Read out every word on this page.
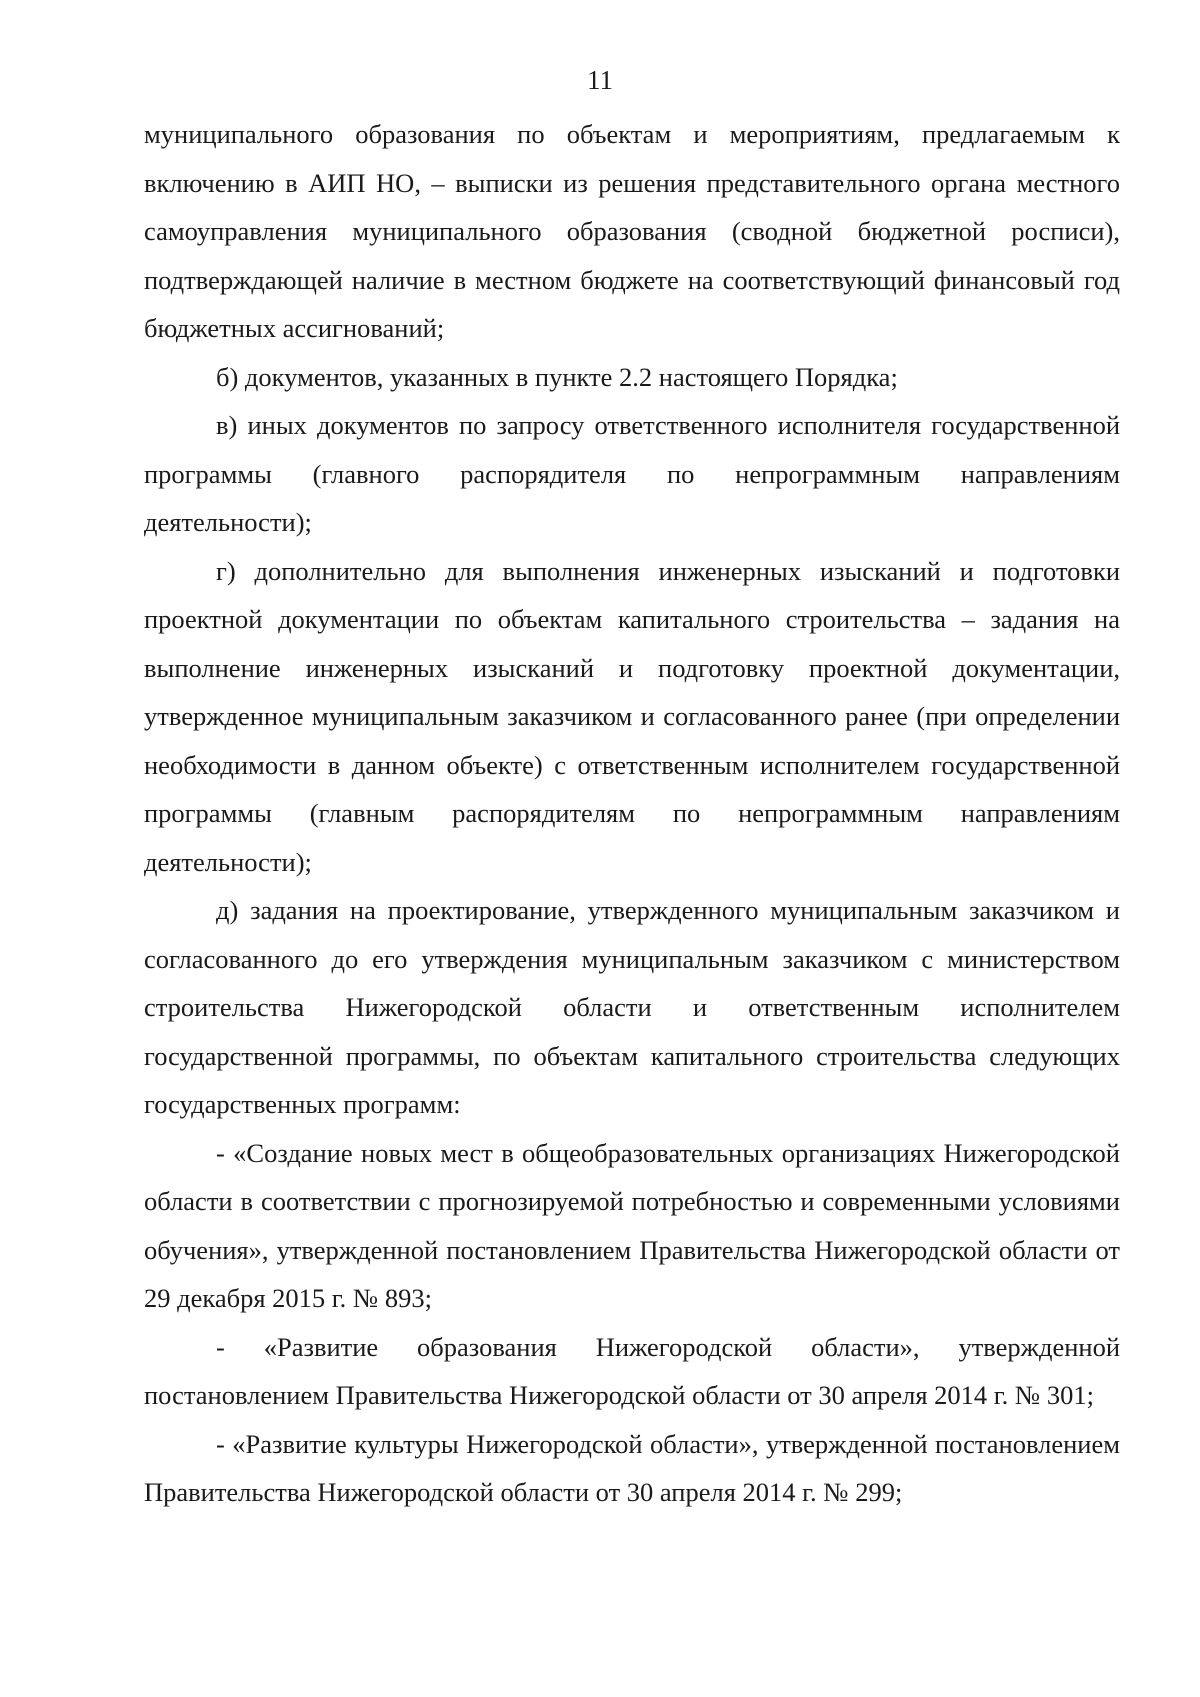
11

муниципального образования по объектам и мероприятиям, предлагаемым к включению в АИП НО, – выписки из решения представительного органа местного самоуправления муниципального образования (сводной бюджетной росписи), подтверждающей наличие в местном бюджете на соответствующий финансовый год бюджетных ассигнований;

б) документов, указанных в пункте 2.2 настоящего Порядка;

в) иных документов по запросу ответственного исполнителя государственной программы (главного распорядителя по непрограммным направлениям деятельности);

г) дополнительно для выполнения инженерных изысканий и подготовки проектной документации по объектам капитального строительства – задания на выполнение инженерных изысканий и подготовку проектной документации, утвержденное муниципальным заказчиком и согласованного ранее (при определении необходимости в данном объекте) с ответственным исполнителем государственной программы (главным распорядителям по непрограммным направлениям деятельности);

д) задания на проектирование, утвержденного муниципальным заказчиком и согласованного до его утверждения муниципальным заказчиком с министерством строительства Нижегородской области и ответственным исполнителем государственной программы, по объектам капитального строительства следующих государственных программ:

- «Создание новых мест в общеобразовательных организациях Нижегородской области в соответствии с прогнозируемой потребностью и современными условиями обучения», утвержденной постановлением Правительства Нижегородской области от 29 декабря 2015 г. № 893;

- «Развитие образования Нижегородской области», утвержденной постановлением Правительства Нижегородской области от 30 апреля 2014 г. № 301;

- «Развитие культуры Нижегородской области», утвержденной постановлением Правительства Нижегородской области от 30 апреля 2014 г. № 299;
